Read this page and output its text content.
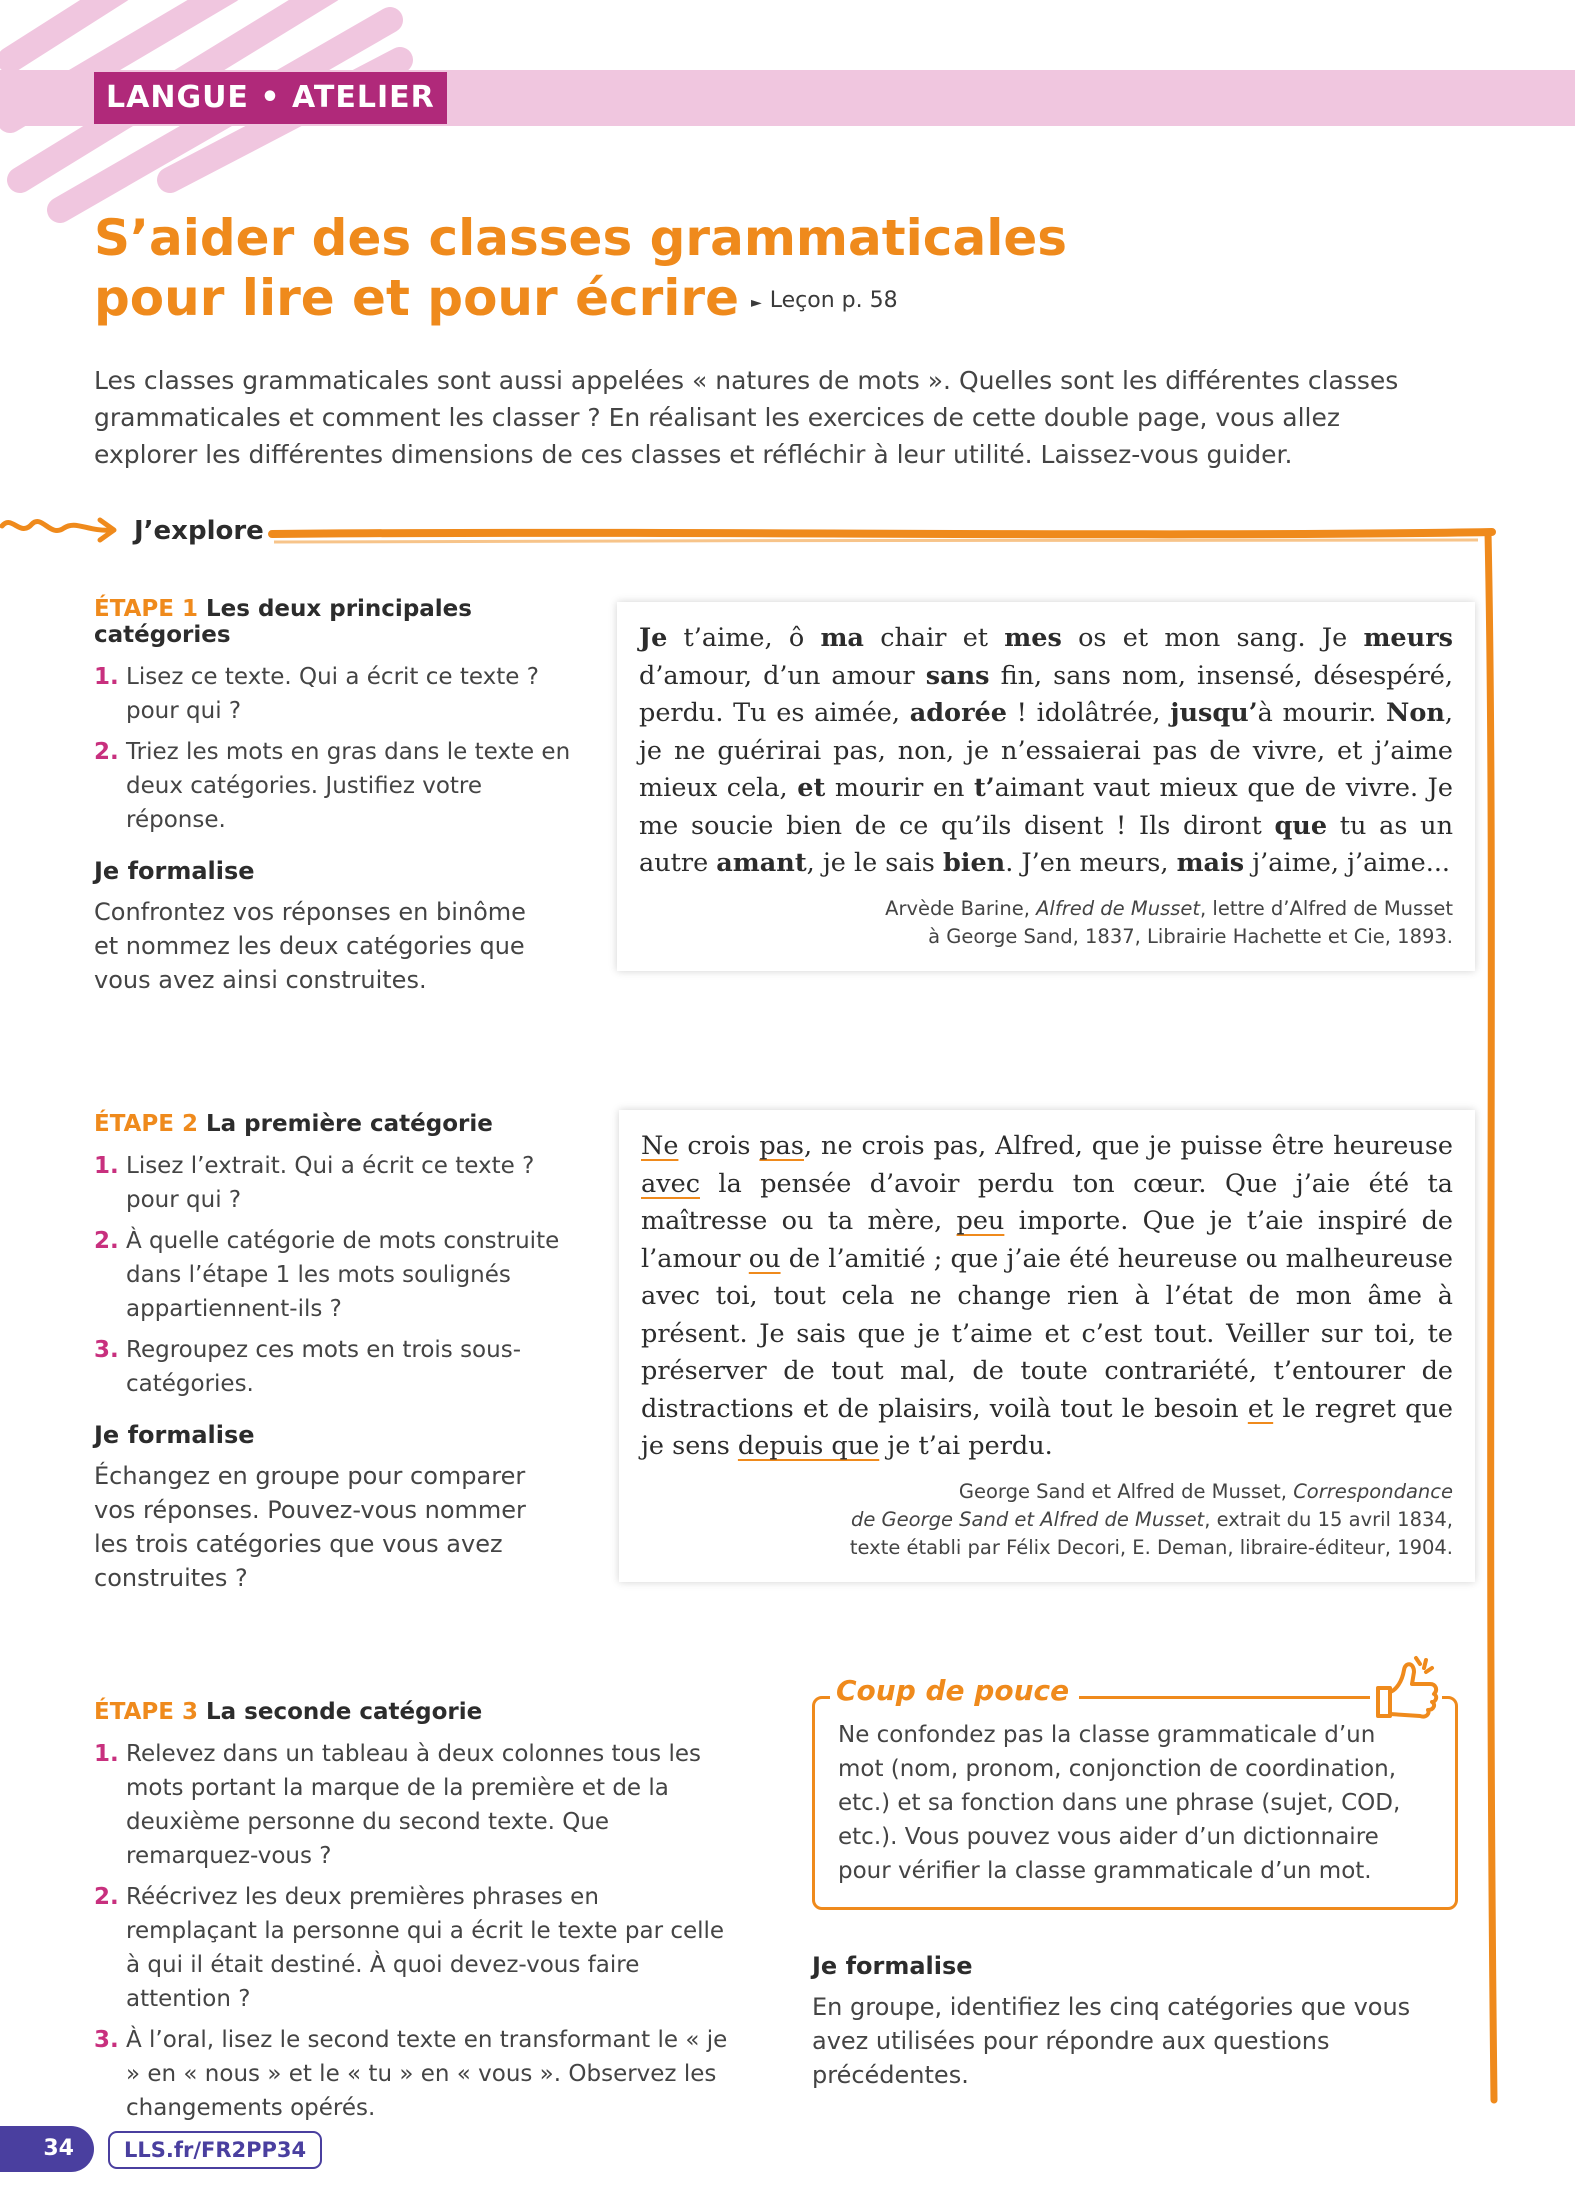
LANGUE • ATELIER
S’aider des classes grammaticales
pour lire et pour écrire ► Leçon p. 58
Les classes grammaticales sont aussi appelées « natures de mots ». Quelles sont les différentes classes grammaticales et comment les classer ? En réalisant les exercices de cette double page, vous allez explorer les différentes dimensions de ces classes et réfléchir à leur utilité. Laissez-vous guider.
J’explore
ÉTAPE 1 Les deux principales catégories
1. Lisez ce texte. Qui a écrit ce texte ? pour qui ?
2. Triez les mots en gras dans le texte en deux catégories. Justifiez votre réponse.
Je formalise
Confrontez vos réponses en binôme et nommez les deux catégories que vous avez ainsi construites.
Je t’aime, ô ma chair et mes os et mon sang. Je meurs d’amour, d’un amour sans fin, sans nom, insensé, désespéré, perdu. Tu es aimée, adorée ! idolâtrée, jusqu’à mourir. Non, je ne guérirai pas, non, je n’essaierai pas de vivre, et j’aime mieux cela, et mourir en t’aimant vaut mieux que de vivre. Je me soucie bien de ce qu’ils disent ! Ils diront que tu as un autre amant, je le sais bien. J’en meurs, mais j’aime, j’aime...
Arvède Barine, Alfred de Musset, lettre d’Alfred de Musset
à George Sand, 1837, Librairie Hachette et Cie, 1893.
ÉTAPE 2 La première catégorie
1. Lisez l’extrait. Qui a écrit ce texte ? pour qui ?
2. À quelle catégorie de mots construite dans l’étape 1 les mots soulignés appartiennent-ils ?
3. Regroupez ces mots en trois sous-catégories.
Je formalise
Échangez en groupe pour comparer vos réponses. Pouvez-vous nommer les trois catégories que vous avez construites ?
Ne crois pas, ne crois pas, Alfred, que je puisse être heureuse avec la pensée d’avoir perdu ton cœur. Que j’aie été ta maîtresse ou ta mère, peu importe. Que je t’aie inspiré de l’amour ou de l’amitié ; que j’aie été heureuse ou malheureuse avec toi, tout cela ne change rien à l’état de mon âme à présent. Je sais que je t’aime et c’est tout. Veiller sur toi, te préserver de tout mal, de toute contrariété, t’entourer de distractions et de plaisirs, voilà tout le besoin et le regret que je sens depuis que je t’ai perdu.
George Sand et Alfred de Musset, Correspondance
de George Sand et Alfred de Musset, extrait du 15 avril 1834,
texte établi par Félix Decori, E. Deman, libraire-éditeur, 1904.
ÉTAPE 3 La seconde catégorie
1. Relevez dans un tableau à deux colonnes tous les mots portant la marque de la première et de la deuxième personne du second texte. Que remarquez-vous ?
2. Réécrivez les deux premières phrases en remplaçant la personne qui a écrit le texte par celle à qui il était destiné. À quoi devez-vous faire attention ?
3. À l’oral, lisez le second texte en transformant le « je » en « nous » et le « tu » en « vous ». Observez les changements opérés.
Coup de pouce
Ne confondez pas la classe grammaticale d’un mot (nom, pronom, conjonction de coordination, etc.) et sa fonction dans une phrase (sujet, COD, etc.). Vous pouvez vous aider d’un dictionnaire pour vérifier la classe grammaticale d’un mot.
Je formalise
En groupe, identifiez les cinq catégories que vous avez utilisées pour répondre aux questions précédentes.
34	LLS.fr/FR2PP34
